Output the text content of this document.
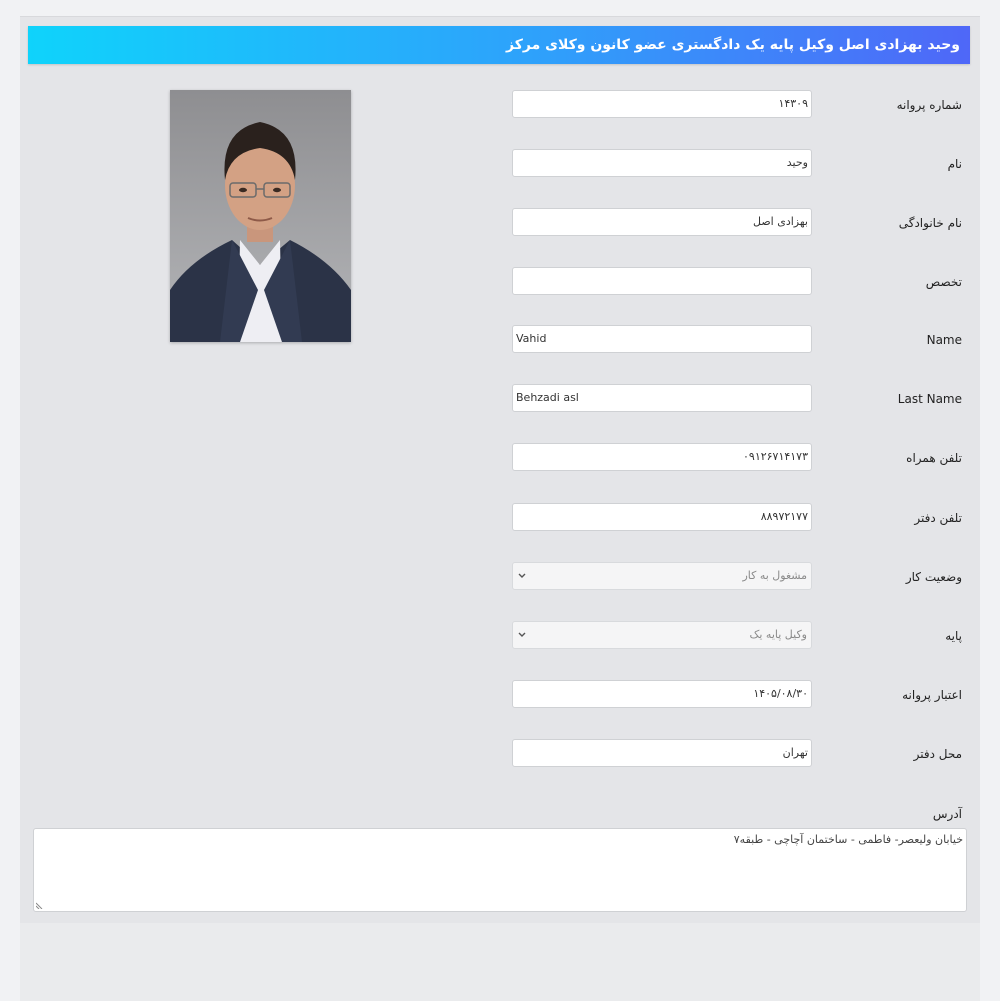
وحید بهزادی اصل وکیل پایه یک دادگستری عضو کانون وکلای مرکز
شماره پروانه
۱۴۳۰۹
نام
وحید
نام خانوادگی
بهزادی اصل
تخصص
Name
Vahid
Last Name
Behzadi asl
تلفن همراه
۰۹۱۲۶۷۱۴۱۷۳
تلفن دفتر
۸۸۹۷۲۱۷۷
وضعیت کار
مشغول به کار
پایه
وکیل پایه یک
اعتبار پروانه
۱۴۰۵/۰۸/۳۰
محل دفتر
تهران
آدرس
خیابان ولیعصر- فاطمی - ساختمان آچاچی - طبقه۷
